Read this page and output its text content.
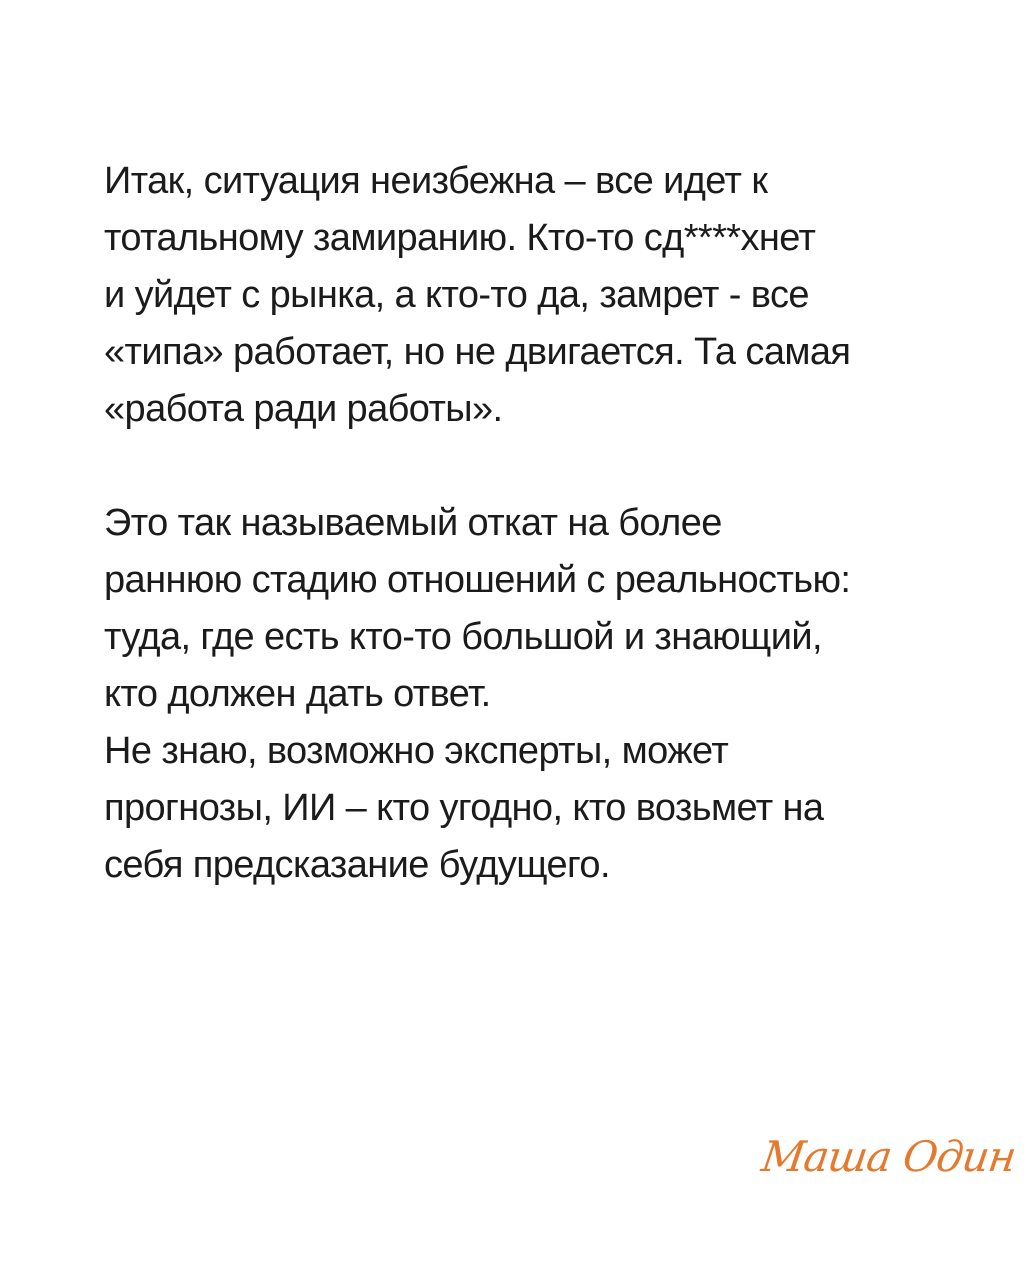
Итак, ситуация неизбежна – все идет к
тотальному замиранию. Кто-то сд****хнет
и уйдет с рынка, а кто-то да, замрет - все
«типа» работает, но не двигается. Та самая
«работа ради работы».
Это так называемый откат на более
раннюю стадию отношений с реальностью:
туда, где есть кто-то большой и знающий,
кто должен дать ответ.
Не знаю, возможно эксперты, может
прогнозы, ИИ – кто угодно, кто возьмет на
себя предсказание будущего.
Маша Один
